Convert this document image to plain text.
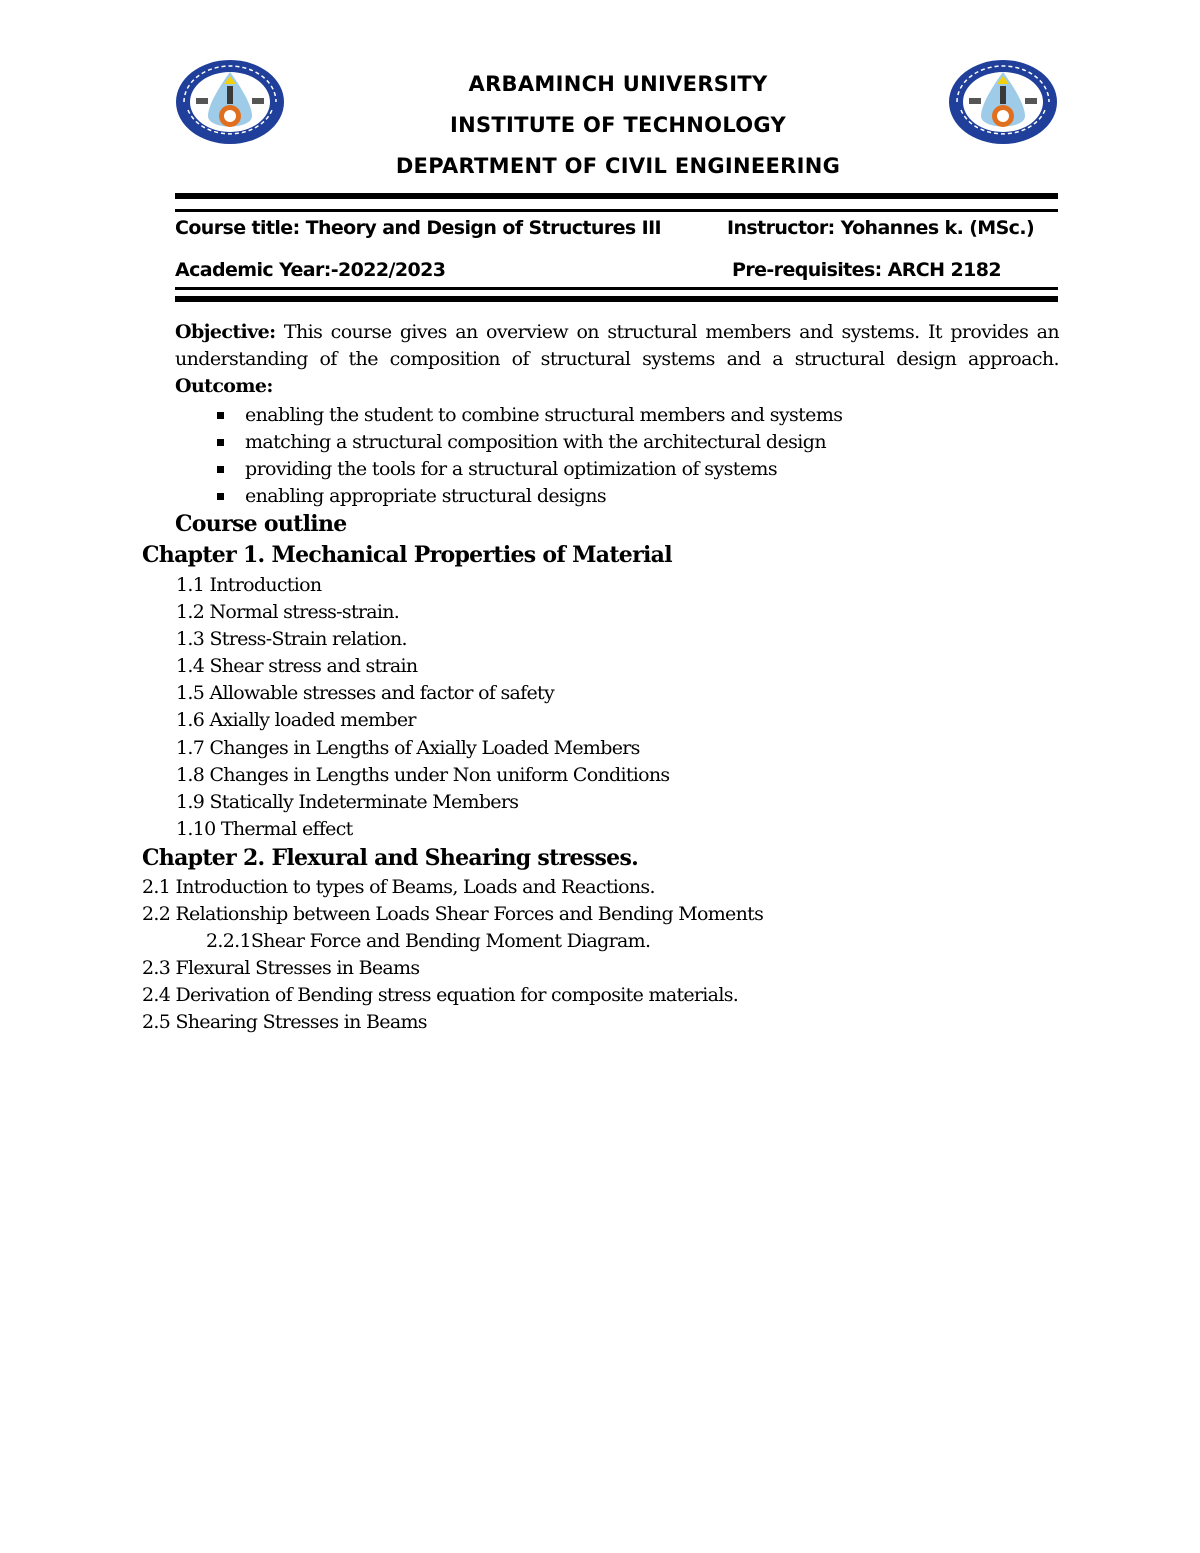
ARBAMINCH UNIVERSITY
INSTITUTE OF TECHNOLOGY
DEPARTMENT OF CIVIL ENGINEERING
Course title: Theory and Design of Structures III	Instructor: Yohannes k. (MSc.)
Academic Year:-2022/2023	Pre-requisites: ARCH 2182
Objective: This course gives an overview on structural members and systems. It provides an
understanding of the composition of structural systems and a structural design approach.
Outcome:
enabling the student to combine structural members and systems
matching a structural composition with the architectural design
providing the tools for a structural optimization of systems
enabling appropriate structural designs
Course outline
Chapter 1. Mechanical Properties of Material
1.1 Introduction
1.2 Normal stress-strain.
1.3 Stress-Strain relation.
1.4 Shear stress and strain
1.5 Allowable stresses and factor of safety
1.6 Axially loaded member
1.7 Changes in Lengths of Axially Loaded Members
1.8 Changes in Lengths under Non uniform Conditions
1.9 Statically Indeterminate Members
1.10 Thermal effect
Chapter 2. Flexural and Shearing stresses.
2.1 Introduction to types of Beams, Loads and Reactions.
2.2 Relationship between Loads Shear Forces and Bending Moments
2.2.1Shear Force and Bending Moment Diagram.
2.3 Flexural Stresses in Beams
2.4 Derivation of Bending stress equation for composite materials.
2.5 Shearing Stresses in Beams
